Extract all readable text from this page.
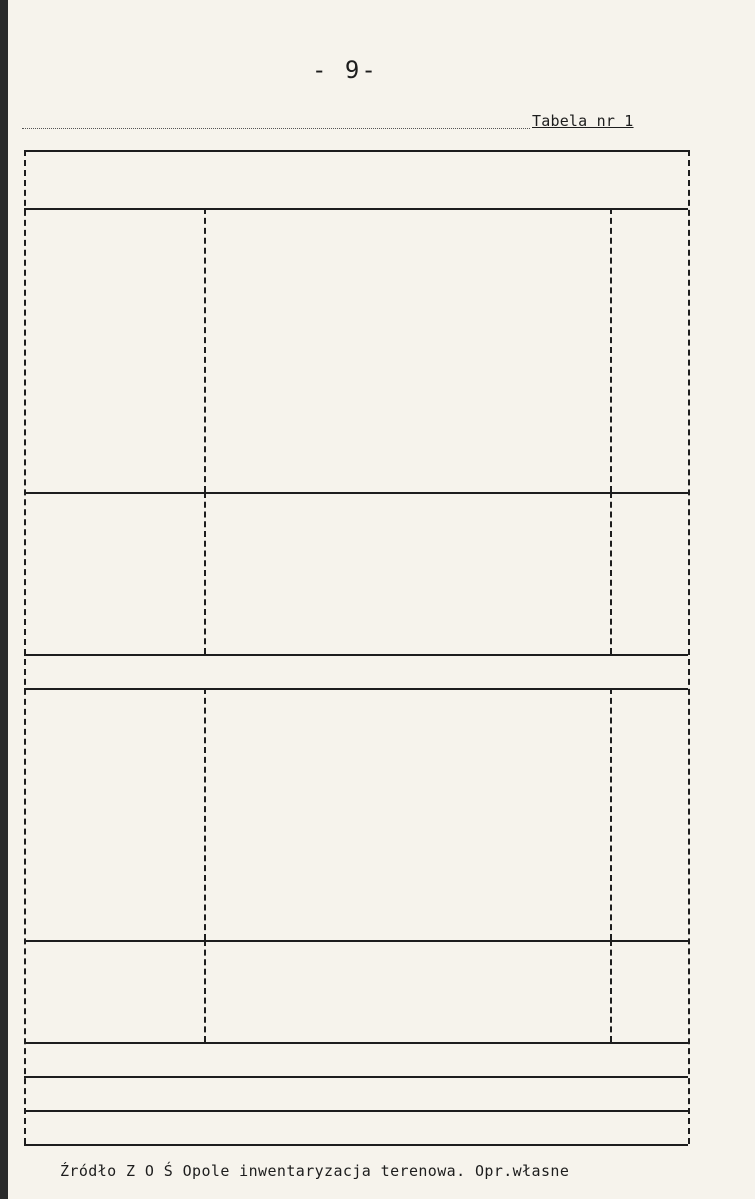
- 9-
Tabela nr 1
Źródło Z O Ś Opole inwentaryzacja terenowa. Opr.własne
